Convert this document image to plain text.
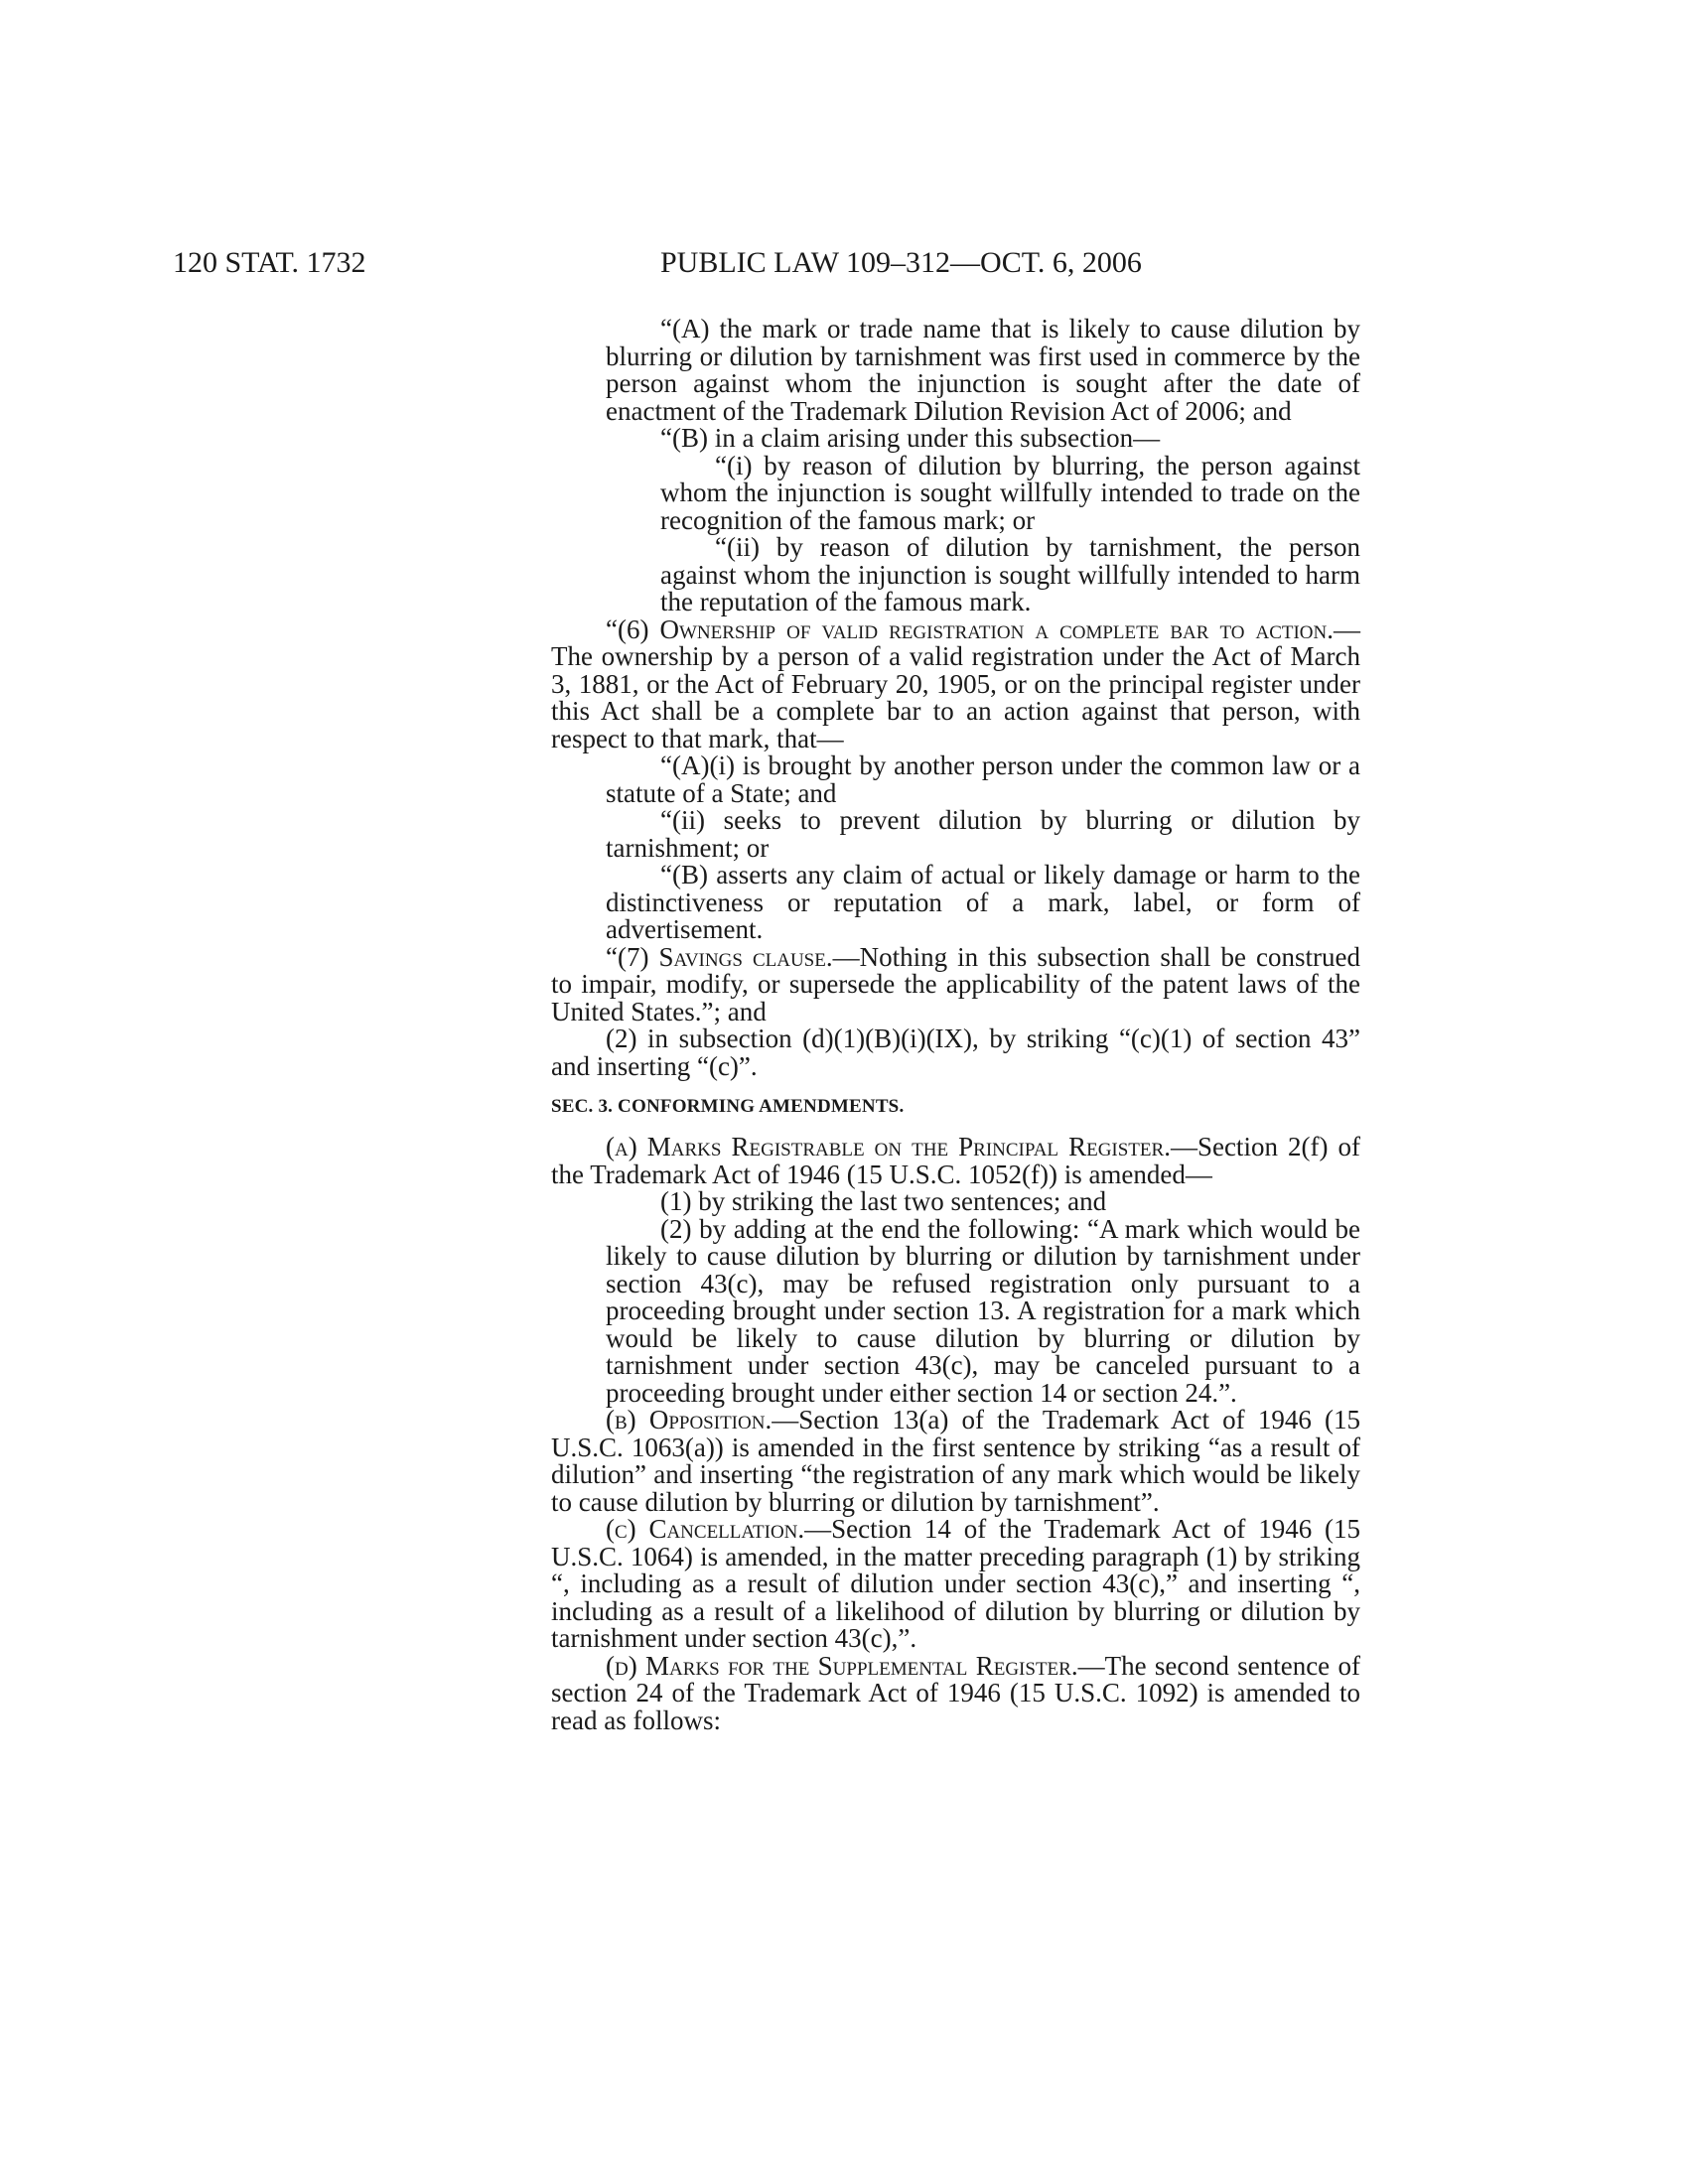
120 STAT. 1732	PUBLIC LAW 109–312—OCT. 6, 2006

“(A) the mark or trade name that is likely to cause dilution by blurring or dilution by tarnishment was first used in commerce by the person against whom the injunction is sought after the date of enactment of the Trademark Dilution Revision Act of 2006; and

“(B) in a claim arising under this subsection—

“(i) by reason of dilution by blurring, the person against whom the injunction is sought willfully intended to trade on the recognition of the famous mark; or

“(ii) by reason of dilution by tarnishment, the person against whom the injunction is sought willfully intended to harm the reputation of the famous mark.

“(6) Ownership of valid registration a complete bar to action.—The ownership by a person of a valid registration under the Act of March 3, 1881, or the Act of February 20, 1905, or on the principal register under this Act shall be a complete bar to an action against that person, with respect to that mark, that—

“(A)(i) is brought by another person under the common law or a statute of a State; and

“(ii) seeks to prevent dilution by blurring or dilution by tarnishment; or

“(B) asserts any claim of actual or likely damage or harm to the distinctiveness or reputation of a mark, label, or form of advertisement.

“(7) Savings clause.—Nothing in this subsection shall be construed to impair, modify, or supersede the applicability of the patent laws of the United States.”; and

(2) in subsection (d)(1)(B)(i)(IX), by striking “(c)(1) of section 43” and inserting “(c)”.

SEC. 3. CONFORMING AMENDMENTS.

(a) Marks Registrable on the Principal Register.—Section 2(f) of the Trademark Act of 1946 (15 U.S.C. 1052(f)) is amended—

(1) by striking the last two sentences; and

(2) by adding at the end the following: “A mark which would be likely to cause dilution by blurring or dilution by tarnishment under section 43(c), may be refused registration only pursuant to a proceeding brought under section 13. A registration for a mark which would be likely to cause dilution by blurring or dilution by tarnishment under section 43(c), may be canceled pursuant to a proceeding brought under either section 14 or section 24.”.

(b) Opposition.—Section 13(a) of the Trademark Act of 1946 (15 U.S.C. 1063(a)) is amended in the first sentence by striking “as a result of dilution” and inserting “the registration of any mark which would be likely to cause dilution by blurring or dilution by tarnishment”.

(c) Cancellation.—Section 14 of the Trademark Act of 1946 (15 U.S.C. 1064) is amended, in the matter preceding paragraph (1) by striking “, including as a result of dilution under section 43(c),” and inserting “, including as a result of a likelihood of dilution by blurring or dilution by tarnishment under section 43(c),”.

(d) Marks for the Supplemental Register.—The second sentence of section 24 of the Trademark Act of 1946 (15 U.S.C. 1092) is amended to read as follows:
